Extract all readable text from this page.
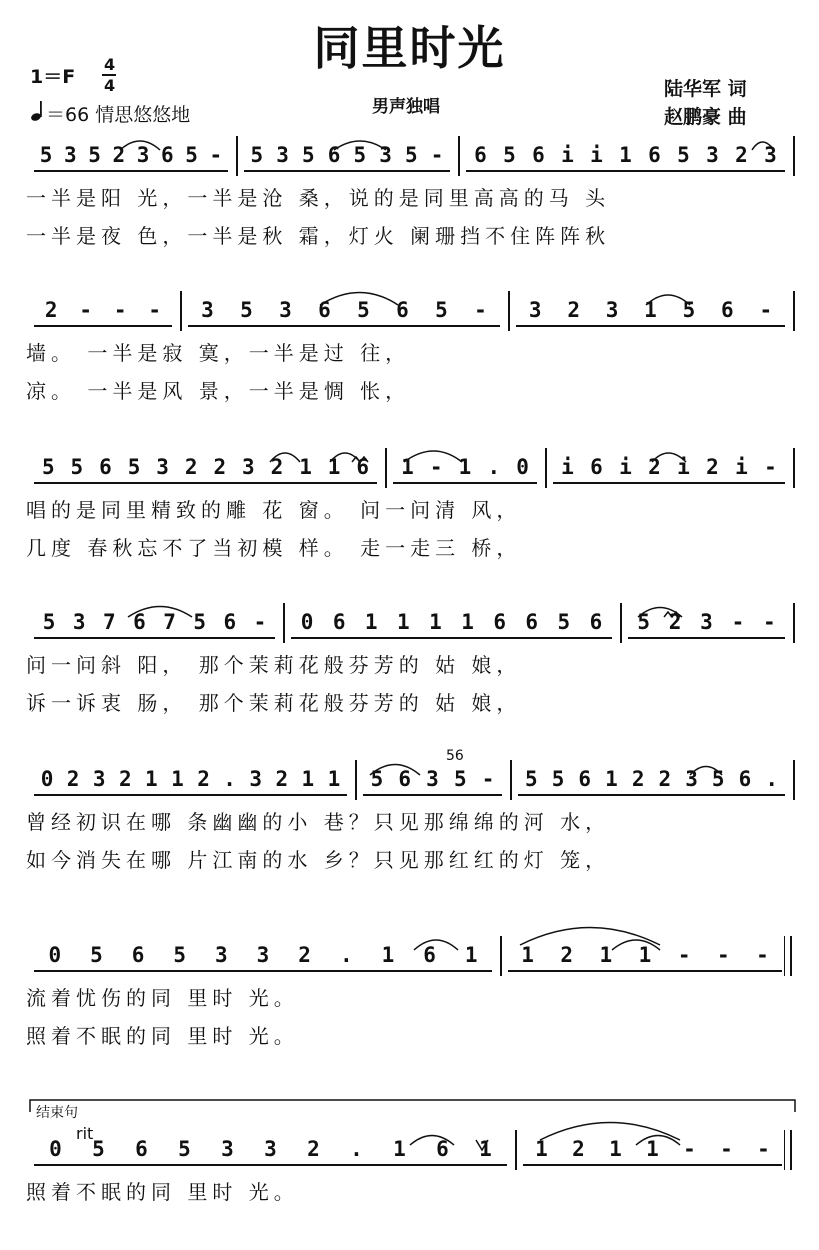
同里时光
1＝F
4
4
＝66 情思悠悠地	男声独唱
陆华军 词
赵鹏豪 曲
5 3 5 2 3 6 5 - 5 3 5 6 5 3 5 - 6 5 6 i i 1 6 5 3 2 3
一半是阳 光，一半是沧 桑，说的是同里高高的马 头
一半是夜 色，一半是秋 霜，灯火 阑珊挡不住阵阵秋
2 - - - 3 5 3 6 5 6 5 - 3 2 3 1 5 6 -
墙。 一半是寂 寞，一半是过 往，
凉。 一半是风 景，一半是惆 怅，
5 5 6 5 3 2 2 3 2 1 1 6 1 - 1 . 0 i 6 i 2 i 2 i -
唱的是同里精致的雕 花 窗。 问一问清 风，
几度 春秋忘不了当初模 样。 走一走三 桥，
5 3 7 6 7 5 6 - 0 6 1 1 1 1 6 6 5 6 5 2 3 - -
问一问斜 阳， 那个茉莉花般芬芳的 姑 娘，
诉一诉衷 肠， 那个茉莉花般芬芳的 姑 娘，
0 2 3 2 1 1 2 . 3 2 1 1 5 6 3 5 - 5 5 6 1 2 2 3 5 6 .
曾经初识在哪 条幽幽的小 巷？只见那绵绵的河 水，
如今消失在哪 片江南的水 乡？只见那红红的灯 笼，
56
0 5 6 5 3 3 2 . 1 6 1 1 2 1 1 - - -
流着忧伤的同 里时 光。
照着不眠的同 里时 光。
0 5 6 5 3 3 2 . 1 6 1 1 2 1 1 - - -
照着不眠的同 里时 光。
结束句
rit
